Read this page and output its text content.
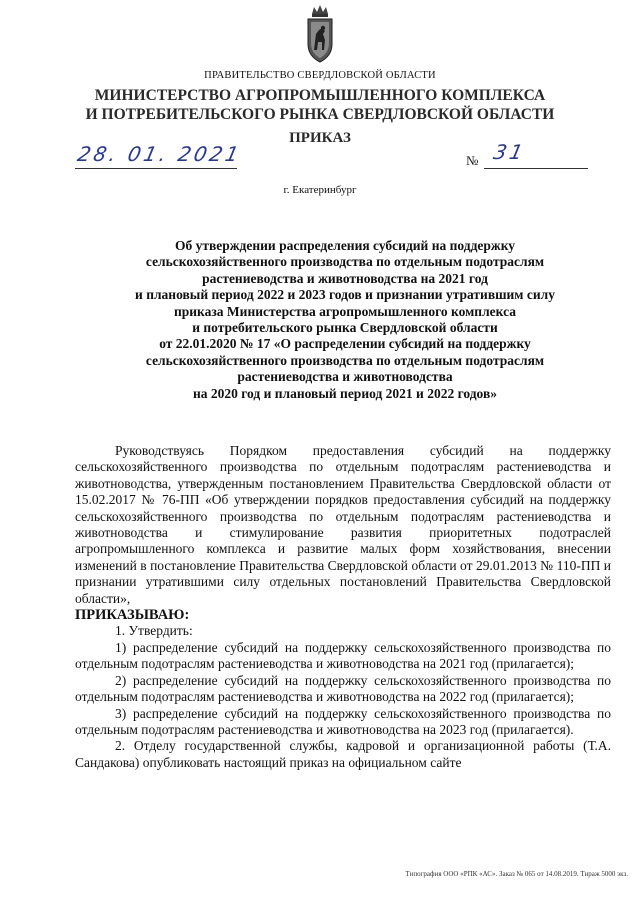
ПРАВИТЕЛЬСТВО СВЕРДЛОВСКОЙ ОБЛАСТИ
МИНИСТЕРСТВО АГРОПРОМЫШЛЕННОГО КОМПЛЕКСА
И ПОТРЕБИТЕЛЬСКОГО РЫНКА СВЕРДЛОВСКОЙ ОБЛАСТИ
ПРИКАЗ
28. 01. 2021	№ 31
г. Екатеринбург
Об утверждении распределения субсидий на поддержку
сельскохозяйственного производства по отдельным подотраслям
растениеводства и животноводства на 2021 год
и плановый период 2022 и 2023 годов и признании утратившим силу
приказа Министерства агропромышленного комплекса
и потребительского рынка Свердловской области
от 22.01.2020 № 17 «О распределении субсидий на поддержку
сельскохозяйственного производства по отдельным подотраслям
растениеводства и животноводства
на 2020 год и плановый период 2021 и 2022 годов»

Руководствуясь Порядком предоставления субсидий на поддержку сельскохозяйственного производства по отдельным подотраслям растениеводства и животноводства, утвержденным постановлением Правительства Свердловской области от 15.02.2017 № 76-ПП «Об утверждении порядков предоставления субсидий на поддержку сельскохозяйственного производства по отдельным подотраслям растениеводства и животноводства и стимулирование развития приоритетных подотраслей агропромышленного комплекса и развитие малых форм хозяйствования, внесении изменений в постановление Правительства Свердловской области от 29.01.2013 № 110-ПП и признании утратившими силу отдельных постановлений Правительства Свердловской области»,

ПРИКАЗЫВАЮ:

1. Утвердить:

1) распределение субсидий на поддержку сельскохозяйственного производства по отдельным подотраслям растениеводства и животноводства на 2021 год (прилагается);

2) распределение субсидий на поддержку сельскохозяйственного производства по отдельным подотраслям растениеводства и животноводства на 2022 год (прилагается);

3) распределение субсидий на поддержку сельскохозяйственного производства по отдельным подотраслям растениеводства и животноводства на 2023 год (прилагается).

2. Отделу государственной службы, кадровой и организационной работы (Т.А. Сандакова) опубликовать настоящий приказ на официальном сайте

Типография ООО «РПК «АС». Заказ № 065 от 14.08.2019. Тираж 5000 экз.
